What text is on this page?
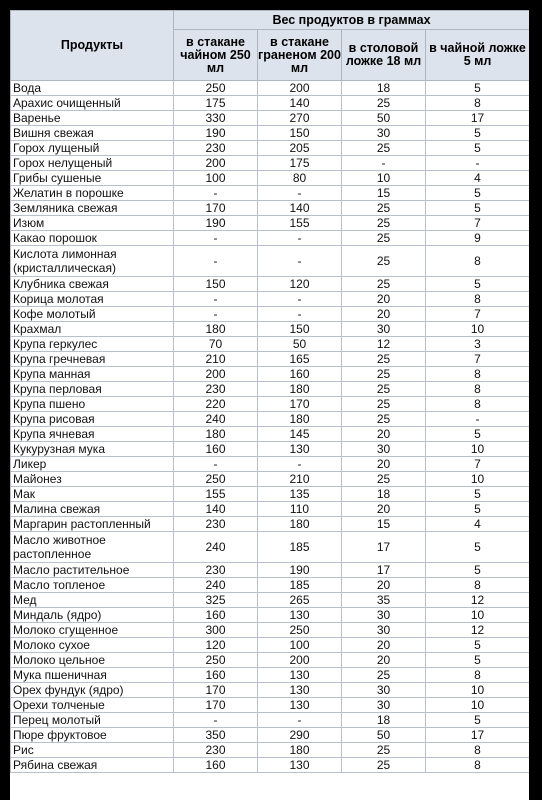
Продукты	Вес продуктов в граммах			
	в стакане чайном 250 мл	в стакане граненом 200 мл	в столовой ложке 18 мл	в чайной ложке 5 мл
Вода	250	200	18	5
Арахис очищенный	175	140	25	8
Варенье	330	270	50	17
Вишня свежая	190	150	30	5
Горох лущеный	230	205	25	5
Горох нелущеный	200	175	-	-
Грибы сушеные	100	80	10	4
Желатин в порошке	-	-	15	5
Земляника свежая	170	140	25	5
Изюм	190	155	25	7
Какао порошок	-	-	25	9
Кислота лимонная (кристаллическая)	-	-	25	8
Клубника свежая	150	120	25	5
Корица молотая	-	-	20	8
Кофе молотый	-	-	20	7
Крахмал	180	150	30	10
Крупа геркулес	70	50	12	3
Крупа гречневая	210	165	25	7
Крупа манная	200	160	25	8
Крупа перловая	230	180	25	8
Крупа пшено	220	170	25	8
Крупа рисовая	240	180	25	-
Крупа ячневая	180	145	20	5
Кукурузная мука	160	130	30	10
Ликер	-	-	20	7
Майонез	250	210	25	10
Мак	155	135	18	5
Малина свежая	140	110	20	5
Маргарин растопленный	230	180	15	4
Масло животное растопленное	240	185	17	5
Масло растительное	230	190	17	5
Масло топленое	240	185	20	8
Мед	325	265	35	12
Миндаль (ядро)	160	130	30	10
Молоко сгущенное	300	250	30	12
Молоко сухое	120	100	20	5
Молоко цельное	250	200	20	5
Мука пшеничная	160	130	25	8
Орех фундук (ядро)	170	130	30	10
Орехи толченые	170	130	30	10
Перец молотый	-	-	18	5
Пюре фруктовое	350	290	50	17
Рис	230	180	25	8
Рябина свежая	160	130	25	8
